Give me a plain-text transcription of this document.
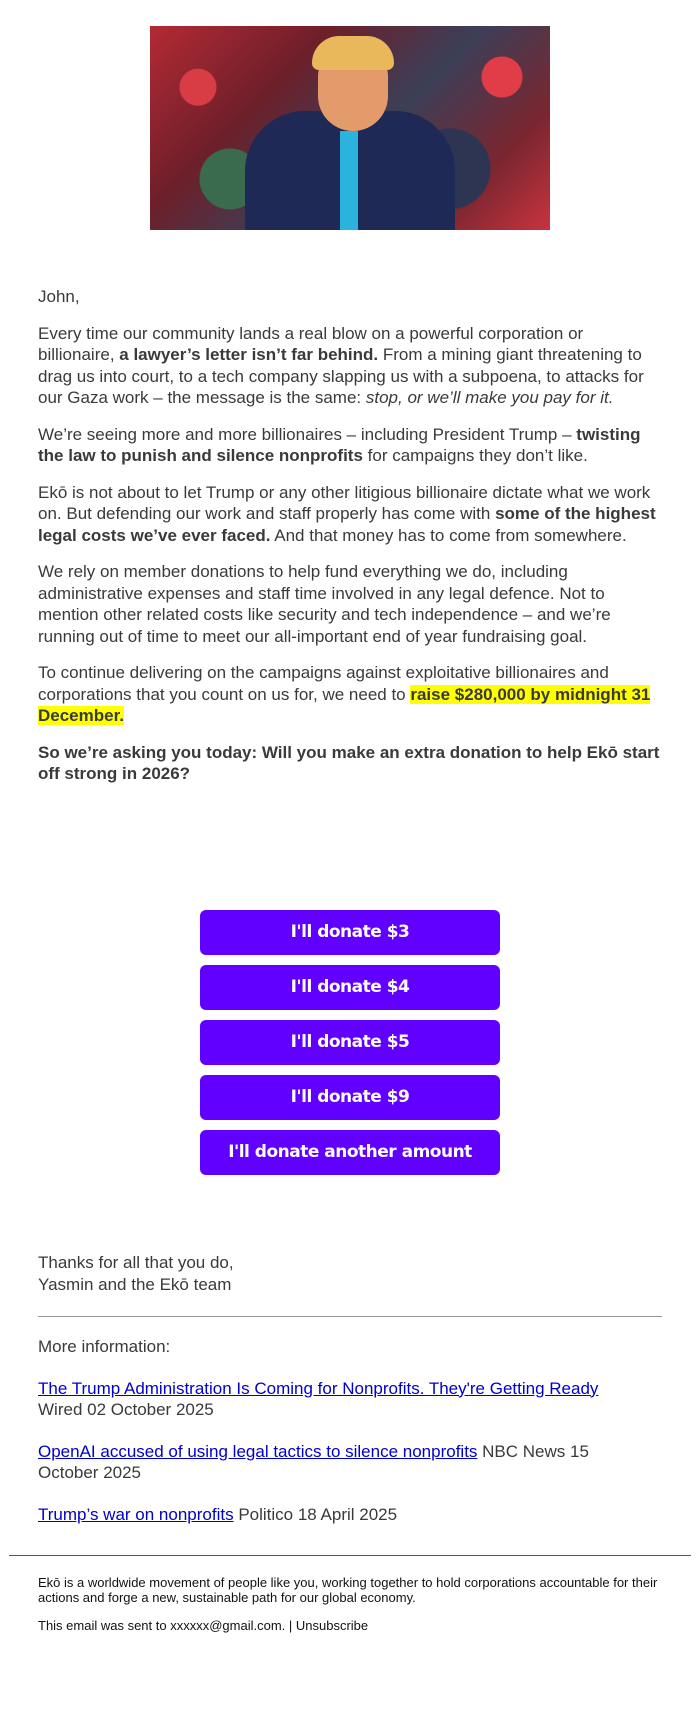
John,

Every time our community lands a real blow on a powerful corporation or billionaire, a lawyer’s letter isn’t far behind. From a mining giant threatening to drag us into court, to a tech company slapping us with a subpoena, to attacks for our Gaza work – the message is the same: stop, or we’ll make you pay for it.

We’re seeing more and more billionaires – including President Trump – twisting the law to punish and silence nonprofits for campaigns they don’t like.

Ekō is not about to let Trump or any other litigious billionaire dictate what we work on. But defending our work and staff properly has come with some of the highest legal costs we’ve ever faced. And that money has to come from somewhere.

We rely on member donations to help fund everything we do, including administrative expenses and staff time involved in any legal defence. Not to mention other related costs like security and tech independence – and we’re running out of time to meet our all-important end of year fundraising goal.

To continue delivering on the campaigns against exploitative billionaires and corporations that you count on us for, we need to raise $280,000 by midnight 31 December.

So we’re asking you today: Will you make an extra donation to help Ekō start off strong in 2026?

I'll donate $3
I'll donate $4
I'll donate $5
I'll donate $9
I'll donate another amount
Thanks for all that you do,
Yasmin and the Ekō team

More information:

The Trump Administration Is Coming for Nonprofits. They're Getting Ready Wired 02 October 2025

OpenAI accused of using legal tactics to silence nonprofits NBC News 15 October 2025

Trump’s war on nonprofits Politico 18 April 2025

Ekō is a worldwide movement of people like you, working together to hold corporations accountable for their actions and forge a new, sustainable path for our global economy.

This email was sent to xxxxxx@gmail.com. | Unsubscribe
